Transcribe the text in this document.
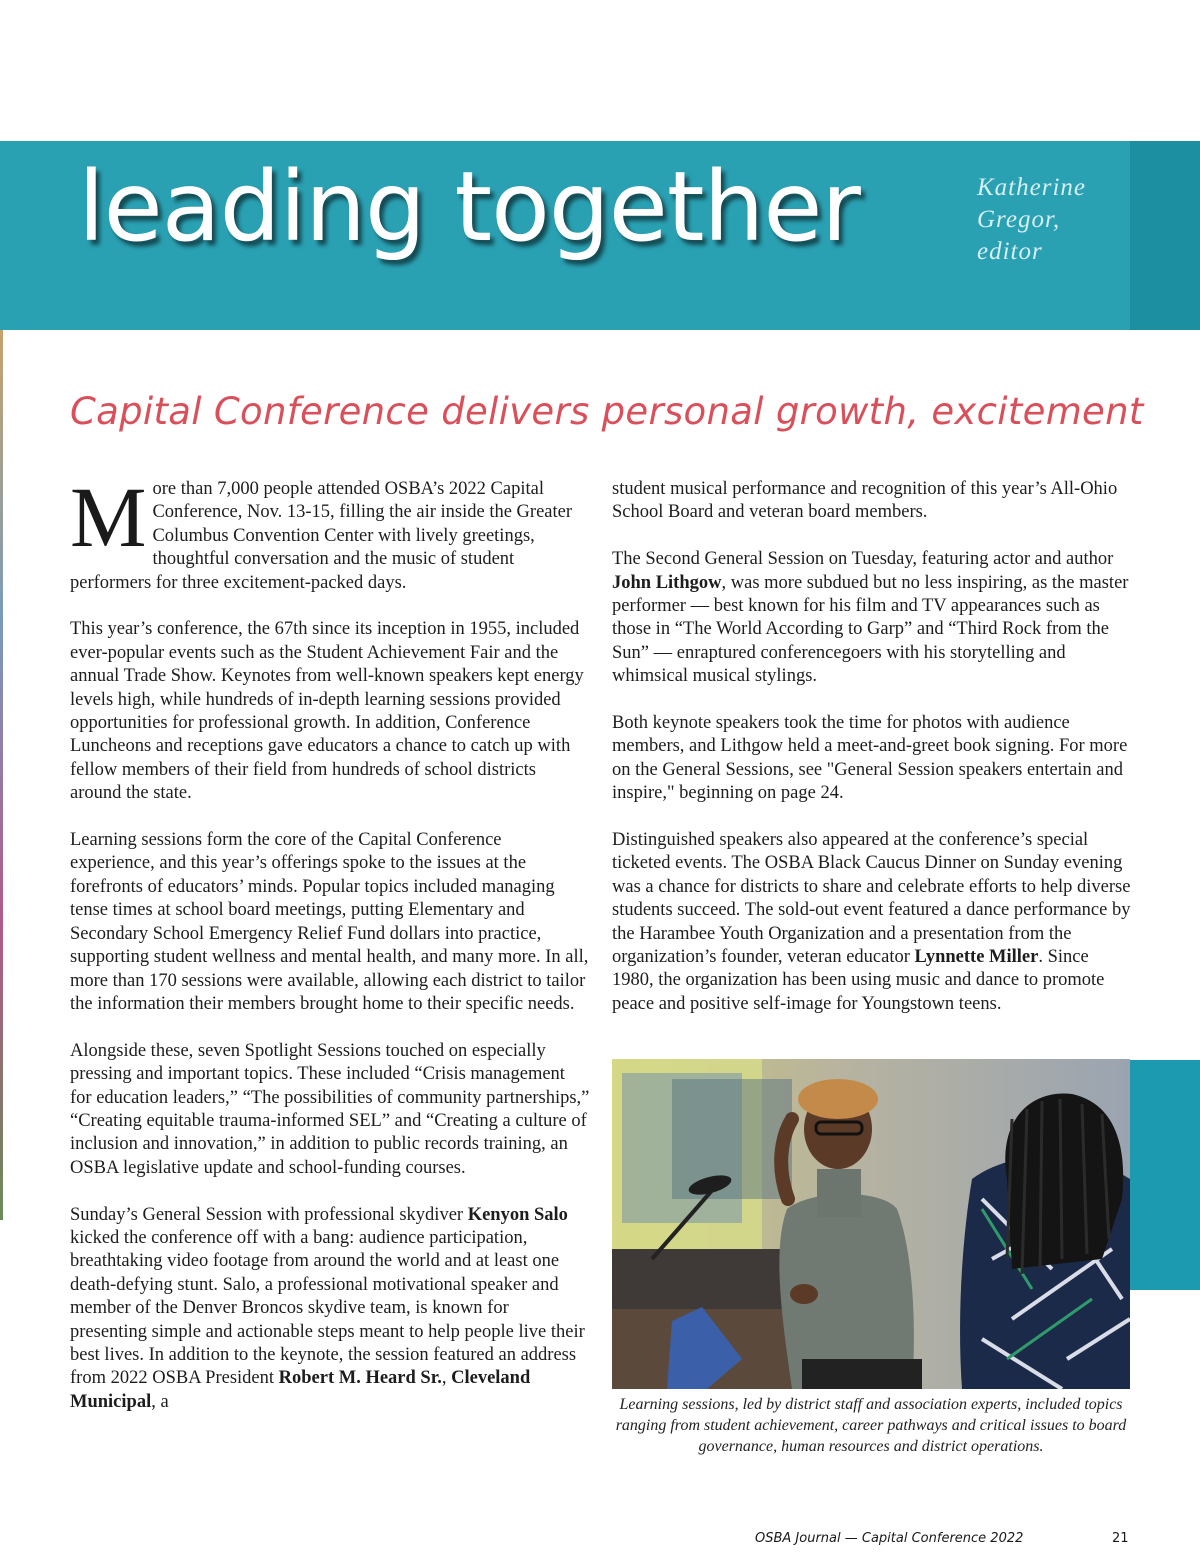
leading together	Katherine Gregor,
editor
Capital Conference delivers personal growth, excitement

More than 7,000 people attended OSBA’s 2022 Capital Conference, Nov. 13-15, filling the air inside the Greater Columbus Convention Center with lively greetings, thoughtful conversation and the music of student performers for three excitement-packed days.

This year’s conference, the 67th since its inception in 1955, included ever-popular events such as the Student Achievement Fair and the annual Trade Show. Keynotes from well-known speakers kept energy levels high, while hundreds of in-depth learning sessions provided opportunities for professional growth. In addition, Conference Luncheons and receptions gave educators a chance to catch up with fellow members of their field from hundreds of school districts around the state.

Learning sessions form the core of the Capital Conference experience, and this year’s offerings spoke to the issues at the forefronts of educators’ minds. Popular topics included managing tense times at school board meetings, putting Elementary and Secondary School Emergency Relief Fund dollars into practice, supporting student wellness and mental health, and many more. In all, more than 170 sessions were available, allowing each district to tailor the information their members brought home to their specific needs.

Alongside these, seven Spotlight Sessions touched on especially pressing and important topics. These included “Crisis management for education leaders,” “The possibilities of community partnerships,” “Creating equitable trauma-informed SEL” and “Creating a culture of inclusion and innovation,” in addition to public records training, an OSBA legislative update and school-funding courses.

Sunday’s General Session with professional skydiver Kenyon Salo kicked the conference off with a bang: audience participation, breathtaking video footage from around the world and at least one death-defying stunt. Salo, a professional motivational speaker and member of the Denver Broncos skydive team, is known for presenting simple and actionable steps meant to help people live their best lives. In addition to the keynote, the session featured an address from 2022 OSBA President Robert M. Heard Sr., Cleveland Municipal, a

student musical performance and recognition of this year’s All-Ohio School Board and veteran board members.

The Second General Session on Tuesday, featuring actor and author John Lithgow, was more subdued but no less inspiring, as the master performer — best known for his film and TV appearances such as those in “The World According to Garp” and “Third Rock from the Sun” — enraptured conferencegoers with his storytelling and whimsical musical stylings.

Both keynote speakers took the time for photos with audience members, and Lithgow held a meet-and-greet book signing. For more on the General Sessions, see "General Session speakers entertain and inspire," beginning on page 24.

Distinguished speakers also appeared at the conference’s special ticketed events. The OSBA Black Caucus Dinner on Sunday evening was a chance for districts to share and celebrate efforts to help diverse students succeed. The sold-out event featured a dance performance by the Harambee Youth Organization and a presentation from the organization’s founder, veteran educator Lynnette Miller. Since 1980, the organization has been using music and dance to promote peace and positive self-image for Youngstown teens.

Learning sessions, led by district staff and association experts, included topics ranging from student achievement, career pathways and critical issues to board governance, human resources and district operations.
OSBA Journal — Capital Conference 2022	21
